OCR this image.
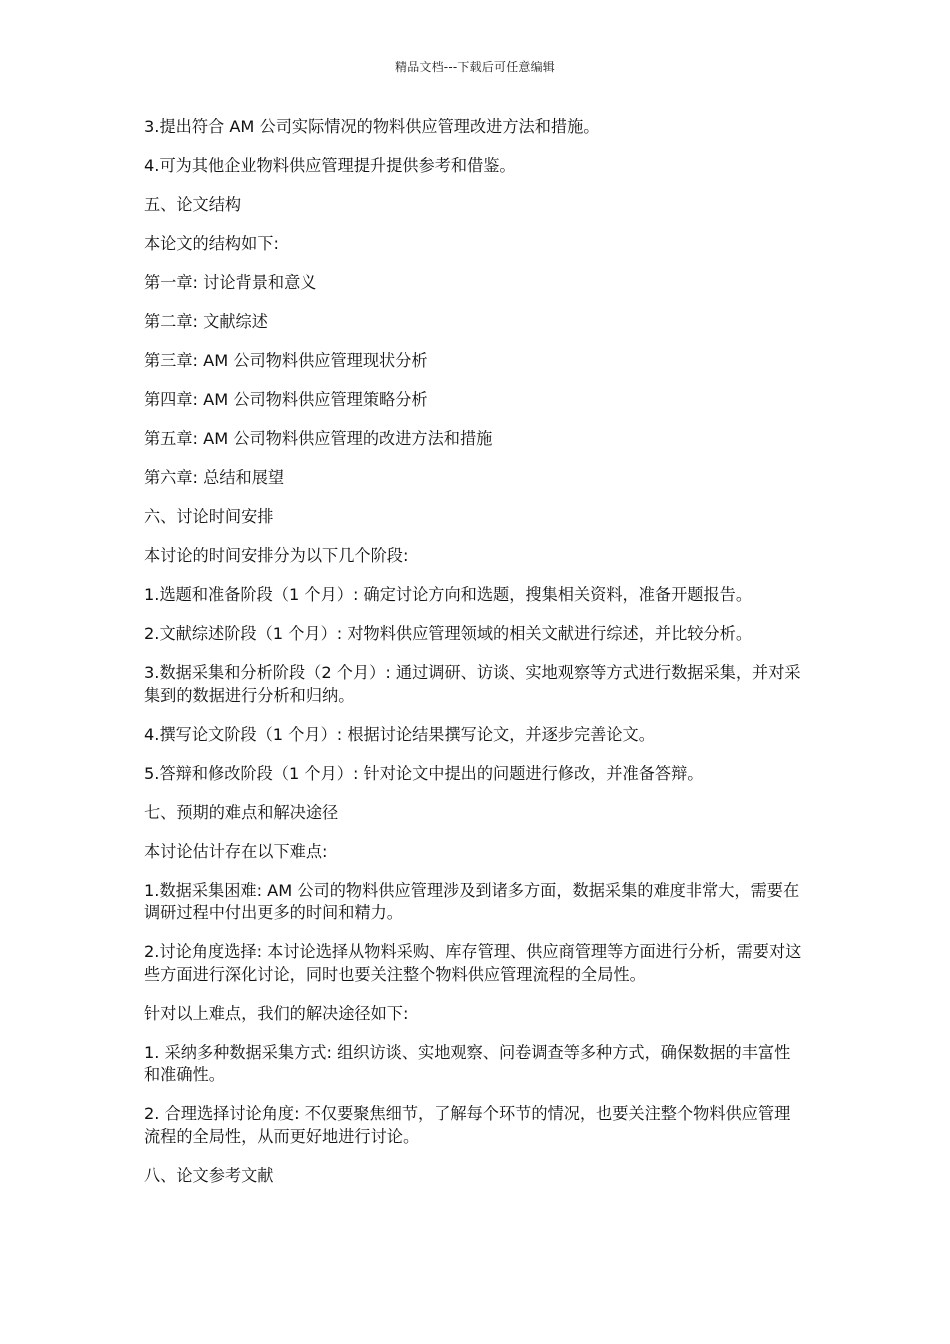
精品文档---下载后可任意编辑

3.提出符合 AM 公司实际情况的物料供应管理改进方法和措施。

4.可为其他企业物料供应管理提升提供参考和借鉴。

五、论文结构

本论文的结构如下:

第一章: 讨论背景和意义

第二章: 文献综述

第三章: AM 公司物料供应管理现状分析

第四章: AM 公司物料供应管理策略分析

第五章: AM 公司物料供应管理的改进方法和措施

第六章: 总结和展望

六、讨论时间安排

本讨论的时间安排分为以下几个阶段:

1.选题和准备阶段（1 个月）: 确定讨论方向和选题，搜集相关资料，准备开题报告。

2.文献综述阶段（1 个月）: 对物料供应管理领域的相关文献进行综述，并比较分析。

3.数据采集和分析阶段（2 个月）: 通过调研、访谈、实地观察等方式进行数据采集，并对采集到的数据进行分析和归纳。

4.撰写论文阶段（1 个月）: 根据讨论结果撰写论文，并逐步完善论文。

5.答辩和修改阶段（1 个月）: 针对论文中提出的问题进行修改，并准备答辩。

七、预期的难点和解决途径

本讨论估计存在以下难点:

1.数据采集困难: AM 公司的物料供应管理涉及到诸多方面，数据采集的难度非常大，需要在调研过程中付出更多的时间和精力。

2.讨论角度选择: 本讨论选择从物料采购、库存管理、供应商管理等方面进行分析，需要对这些方面进行深化讨论，同时也要关注整个物料供应管理流程的全局性。

针对以上难点，我们的解决途径如下:

1. 采纳多种数据采集方式: 组织访谈、实地观察、问卷调查等多种方式，确保数据的丰富性和准确性。

2. 合理选择讨论角度: 不仅要聚焦细节，了解每个环节的情况，也要关注整个物料供应管理流程的全局性，从而更好地进行讨论。

八、论文参考文献
